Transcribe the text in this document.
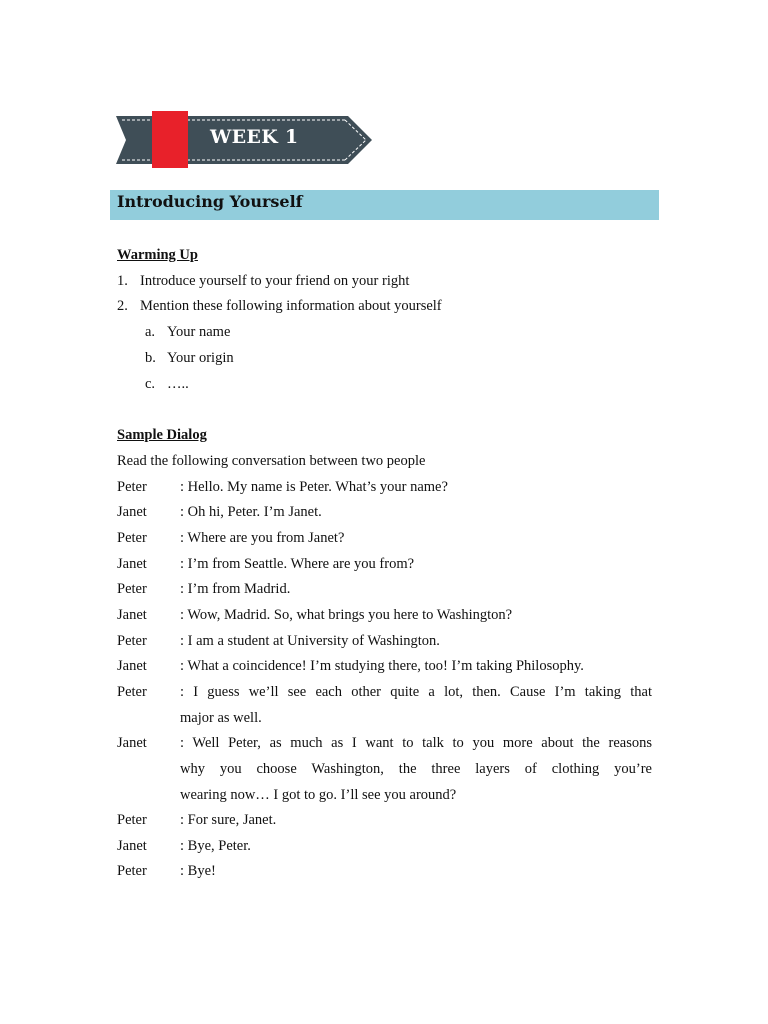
WEEK 1
Introducing Yourself
Warming Up
1. Introduce yourself to your friend on your right
2. Mention these following information about yourself
a. Your name
b. Your origin
c. …..
Sample Dialog
Read the following conversation between two people
Peter : Hello. My name is Peter. What’s your name?
Janet : Oh hi, Peter. I’m Janet.
Peter : Where are you from Janet?
Janet : I’m from Seattle. Where are you from?
Peter : I’m from Madrid.
Janet : Wow, Madrid. So, what brings you here to Washington?
Peter : I am a student at University of Washington.
Janet : What a coincidence! I’m studying there, too! I’m taking Philosophy.
Peter : I guess we’ll see each other quite a lot, then. Cause I’m taking that
major as well.
Janet : Well Peter, as much as I want to talk to you more about the reasons
why you choose Washington, the three layers of clothing you’re
wearing now… I got to go. I’ll see you around?
Peter : For sure, Janet.
Janet : Bye, Peter.
Peter : Bye!
